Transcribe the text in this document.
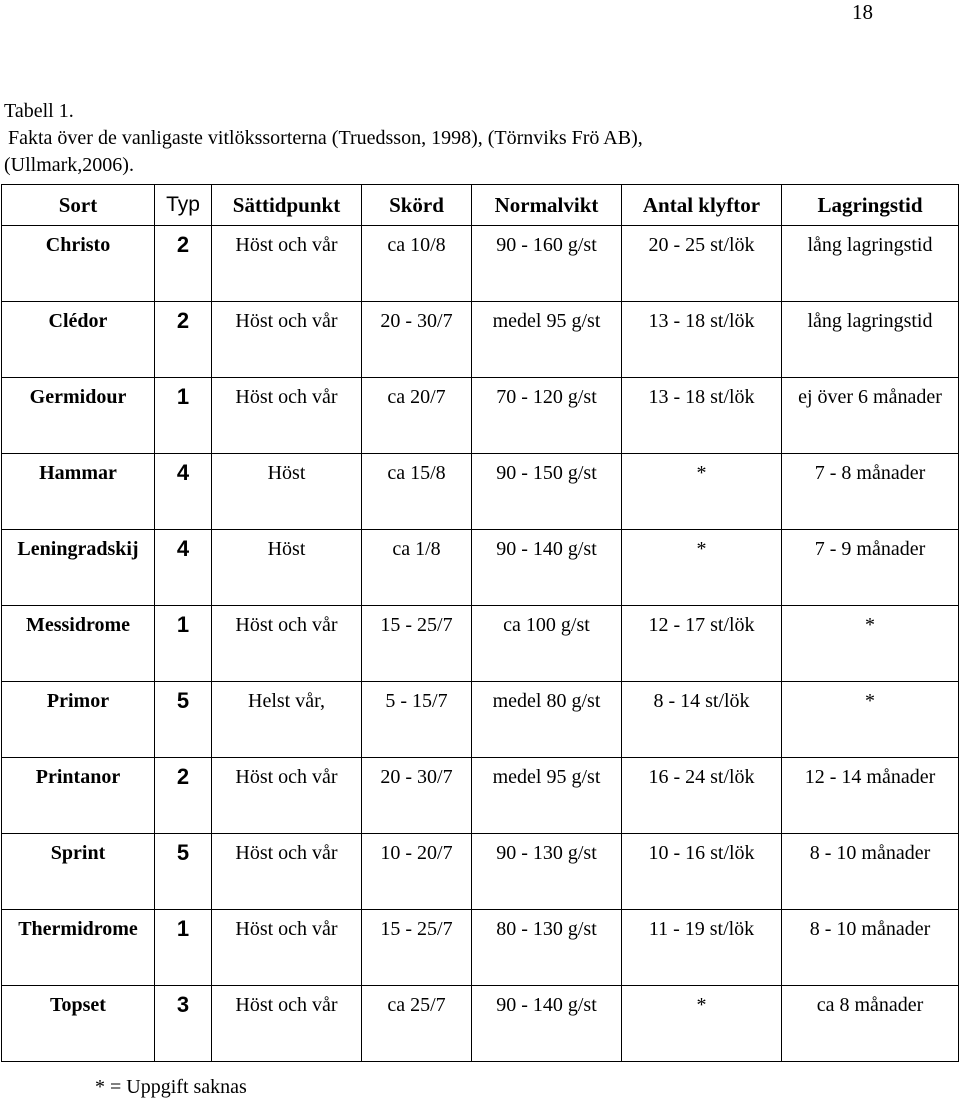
18
Tabell 1.
Fakta över de vanligaste vitlökssorterna (Truedsson, 1998), (Törnviks Frö AB),
(Ullmark,2006).
Sort	Typ	Sättidpunkt	Skörd	Normalvikt	Antal klyftor	Lagringstid

Christo	2	Höst och vår	ca 10/8	90 - 160 g/st	20 - 25 st/lök	lång lagringstid

Clédor	2	Höst och vår	20 - 30/7	medel 95 g/st	13 - 18 st/lök	lång lagringstid

Germidour	1	Höst och vår	ca 20/7	70 - 120 g/st	13 - 18 st/lök	ej över 6 månader

Hammar	4	Höst	ca 15/8	90 - 150 g/st	*	7 - 8 månader

Leningradskij	4	Höst	ca 1/8	90 - 140 g/st	*	7 - 9 månader

Messidrome	1	Höst och vår	15 - 25/7	ca 100 g/st	12 - 17 st/lök	*

Primor	5	Helst vår,	5 - 15/7	medel 80 g/st	8 - 14 st/lök	*

Printanor	2	Höst och vår	20 - 30/7	medel 95 g/st	16 - 24 st/lök	12 - 14 månader

Sprint	5	Höst och vår	10 - 20/7	90 - 130 g/st	10 - 16 st/lök	8 - 10 månader

Thermidrome	1	Höst och vår	15 - 25/7	80 - 130 g/st	11 - 19 st/lök	8 - 10 månader

Topset	3	Höst och vår	ca 25/7	90 - 140 g/st	*	ca 8 månader
* = Uppgift saknas
